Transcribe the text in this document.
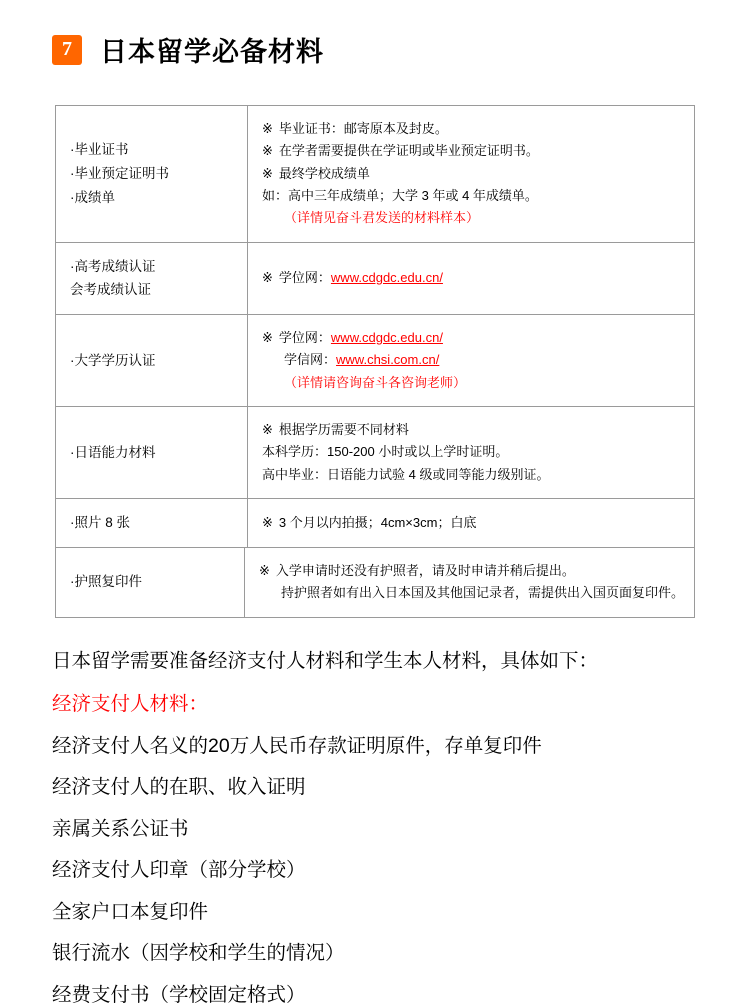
7	日本留学必备材料
·毕业证书
·毕业预定证明书
·成绩单
※ 毕业证书：邮寄原本及封皮。
※ 在学者需要提供在学证明或毕业预定证明书。
※ 最终学校成绩单
如：高中三年成绩单；大学 3 年或 4 年成绩单。
（详情见奋斗君发送的材料样本）
·高考成绩认证
会考成绩认证
※ 学位网：www.cdgdc.edu.cn/
·大学学历认证
※ 学位网：www.cdgdc.edu.cn/
学信网：www.chsi.com.cn/
（详情请咨询奋斗各咨询老师）
·日语能力材料
※ 根据学历需要不同材料
本科学历：150-200 小时或以上学时证明。
高中毕业：日语能力试验 4 级或同等能力级别证。
·照片 8 张	※ 3 个月以内拍摄；4cm×3cm；白底
·护照复印件
※ 入学申请时还没有护照者，请及时申请并稍后提出。
持护照者如有出入日本国及其他国记录者，需提供出入国页面复印件。
日本留学需要准备经济支付人材料和学生本人材料，具体如下：
经济支付人材料：
经济支付人名义的20万人民币存款证明原件，存单复印件
经济支付人的在职、收入证明
亲属关系公证书
经济支付人印章（部分学校）
全家户口本复印件
银行流水（因学校和学生的情况）
经费支付书（学校固定格式）
